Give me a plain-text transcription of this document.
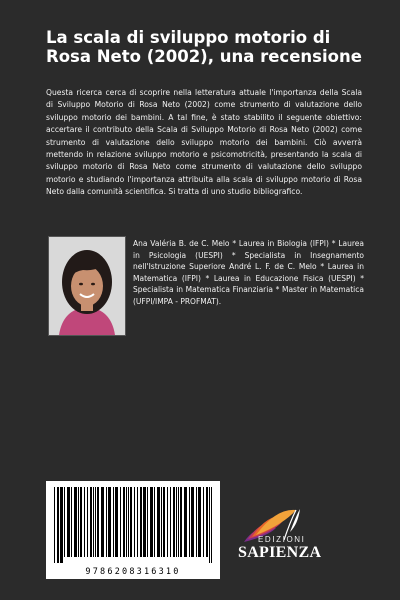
La scala di sviluppo motorio di Rosa Neto (2002), una recensione

Questa ricerca cerca di scoprire nella letteratura attuale l'importanza della Scala di Sviluppo Motorio di Rosa Neto (2002) come strumento di valutazione dello sviluppo motorio dei bambini. A tal fine, è stato stabilito il seguente obiettivo: accertare il contributo della Scala di Sviluppo Motorio di Rosa Neto (2002) come strumento di valutazione dello sviluppo motorio dei bambini. Ciò avverrà mettendo in relazione sviluppo motorio e psicomotricità, presentando la scala di sviluppo motorio di Rosa Neto come strumento di valutazione dello sviluppo motorio e studiando l'importanza attribuita alla scala di sviluppo motorio di Rosa Neto dalla comunità scientifica. Si tratta di uno studio bibliografico.

Ana Valéria B. de C. Melo * Laurea in Biologia (IFPI) * Laurea in Psicologia (UESPI) * Specialista in Insegnamento nell'Istruzione Superiore André L. F. de C. Melo * Laurea in Matematica (IFPI) * Laurea in Educazione Fisica (UESPI) * Specialista in Matematica Finanziaria * Master in Matematica (UFPI/IMPA - PROFMAT).

9786208316310
EDIZIONI
SAPIENZA
